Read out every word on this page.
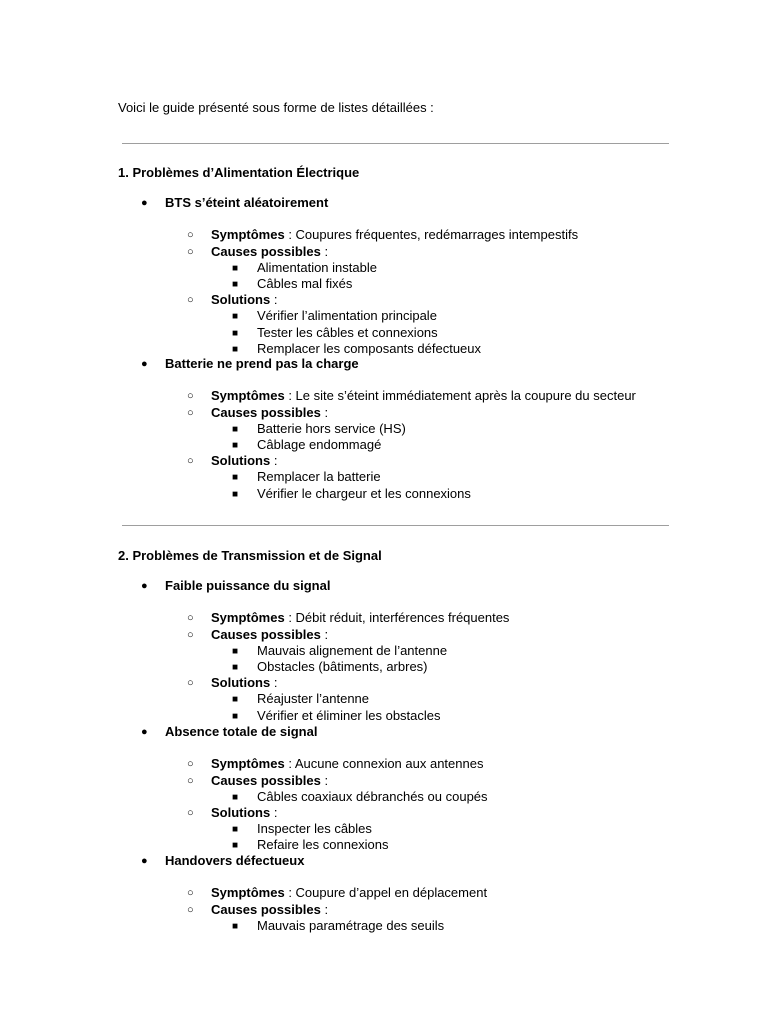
Voici le guide présenté sous forme de listes détaillées :

1. Problèmes d’Alimentation Électrique
● BTS s’éteint aléatoirement
○ Symptômes : Coupures fréquentes, redémarrages intempestifs
○ Causes possibles :
■ Alimentation instable
■ Câbles mal fixés
○ Solutions :
■ Vérifier l’alimentation principale
■ Tester les câbles et connexions
■ Remplacer les composants défectueux
● Batterie ne prend pas la charge
○ Symptômes : Le site s’éteint immédiatement après la coupure du secteur
○ Causes possibles :
■ Batterie hors service (HS)
■ Câblage endommagé
○ Solutions :
■ Remplacer la batterie
■ Vérifier le chargeur et les connexions
2. Problèmes de Transmission et de Signal
● Faible puissance du signal
○ Symptômes : Débit réduit, interférences fréquentes
○ Causes possibles :
■ Mauvais alignement de l’antenne
■ Obstacles (bâtiments, arbres)
○ Solutions :
■ Réajuster l’antenne
■ Vérifier et éliminer les obstacles
● Absence totale de signal
○ Symptômes : Aucune connexion aux antennes
○ Causes possibles :
■ Câbles coaxiaux débranchés ou coupés
○ Solutions :
■ Inspecter les câbles
■ Refaire les connexions
● Handovers défectueux
○ Symptômes : Coupure d’appel en déplacement
○ Causes possibles :
■ Mauvais paramétrage des seuils
